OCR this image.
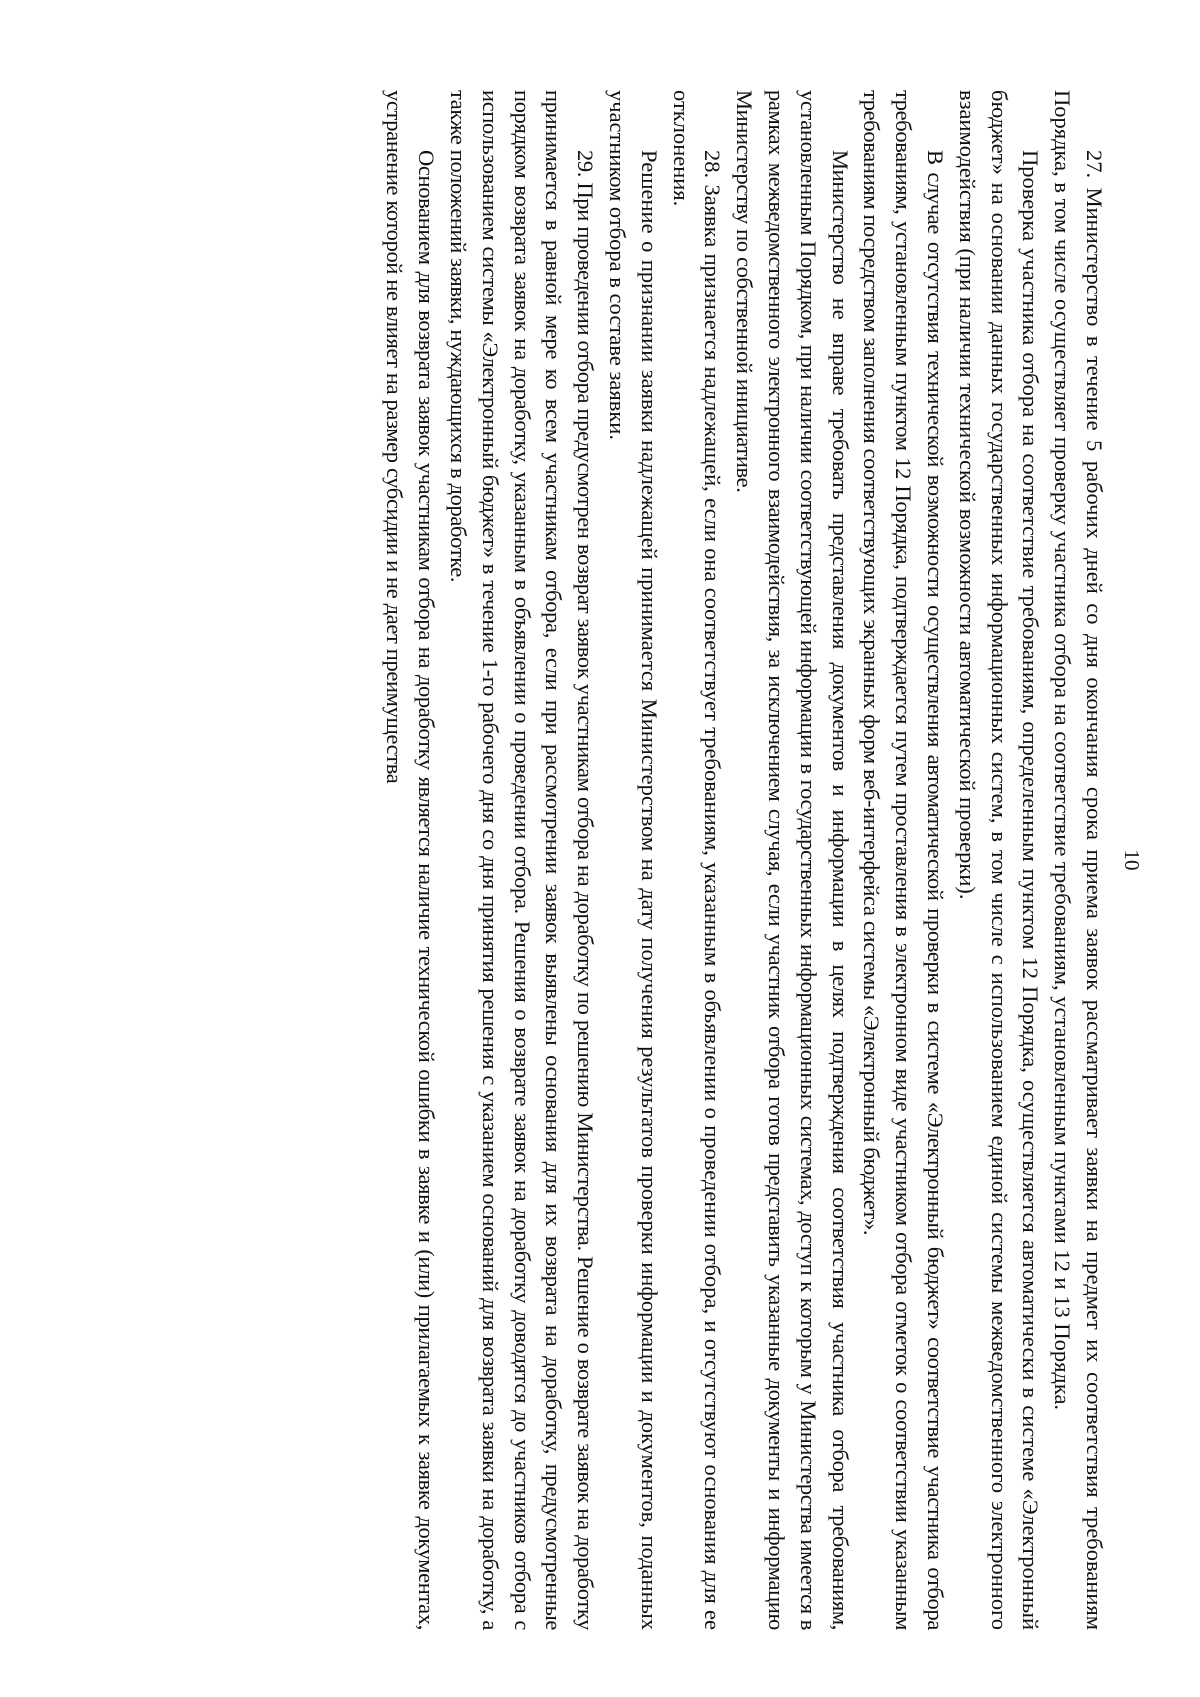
10

27. Министерство в течение 5 рабочих дней со дня окончания срока приема заявок рассматривает заявки на предмет их соответствия требованиям Порядка, в том числе осуществляет проверку участника отбора на соответствие требованиям, установленным пунктами 12 и 13 Порядка.

Проверка участника отбора на соответствие требованиям, определенным пунктом 12 Порядка, осуществляется автоматически в системе «Электронный бюджет» на основании данных государственных информационных систем, в том числе с использованием единой системы межведомственного электронного взаимодействия (при наличии технической возможности автоматической проверки).

В случае отсутствия технической возможности осуществления автоматической проверки в системе «Электронный бюджет» соответствие участника отбора требованиям, установленным пунктом 12 Порядка, подтверждается путем проставления в электронном виде участником отбора отметок о соответствии указанным требованиям посредством заполнения соответствующих экранных форм веб-интерфейса системы «Электронный бюджет».

Министерство не вправе требовать представления документов и информации в целях подтверждения соответствия участника отбора требованиям, установленным Порядком, при наличии соответствующей информации в государственных информационных системах, доступ к которым у Министерства имеется в рамках межведомственного электронного взаимодействия, за исключением случая, если участник отбора готов представить указанные документы и информацию Министерству по собственной инициативе.

28. Заявка признается надлежащей, если она соответствует требованиям, указанным в объявлении о проведении отбора, и отсутствуют основания для ее отклонения.

Решение о признании заявки надлежащей принимается Министерством на дату получения результатов проверки информации и документов, поданных участником отбора в составе заявки.

29. При проведении отбора предусмотрен возврат заявок участникам отбора на доработку по решению Министерства. Решение о возврате заявок на доработку принимается в равной мере ко всем участникам отбора, если при рассмотрении заявок выявлены основания для их возврата на доработку, предусмотренные порядком возврата заявок на доработку, указанным в объявлении о проведении отбора. Решения о возврате заявок на доработку доводятся до участников отбора с использованием системы «Электронный бюджет» в течение 1-го рабочего дня со дня принятия решения с указанием оснований для возврата заявки на доработку, а также положений заявки, нуждающихся в доработке.

Основанием для возврата заявок участникам отбора на доработку является наличие технической ошибки в заявке и (или) прилагаемых к заявке документах, устранение которой не влияет на размер субсидии и не дает преимущества
